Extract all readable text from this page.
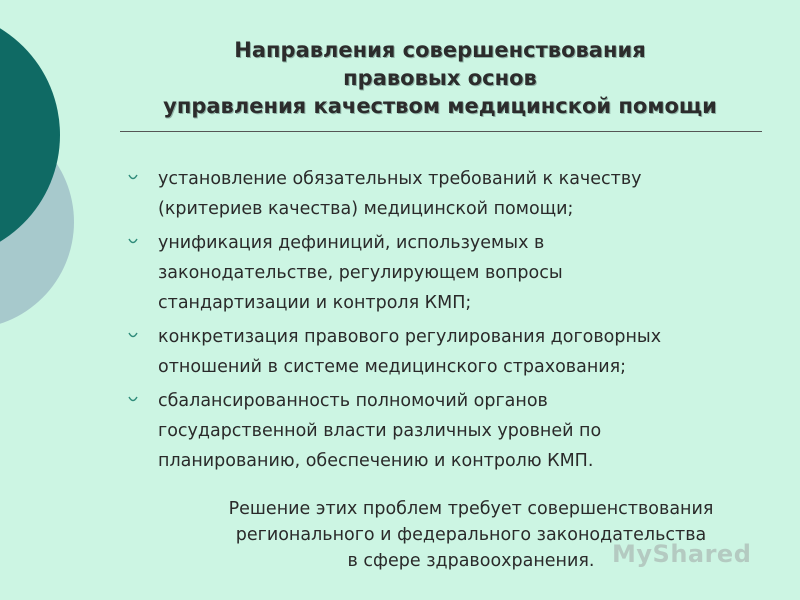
Направления совершенствования
правовых основ
управления качеством медицинской помощи
установление обязательных требований к качеству
(критериев качества) медицинской помощи;
унификация дефиниций, используемых в
законодательстве, регулирующем вопросы
стандартизации и контроля КМП;
конкретизация правового регулирования договорных
отношений в системе медицинского страхования;
сбалансированность полномочий органов
государственной власти различных уровней по
планированию, обеспечению и контролю КМП.
Решение этих проблем требует совершенствования
регионального и федерального законодательства
в сфере здравоохранения. MyShared
